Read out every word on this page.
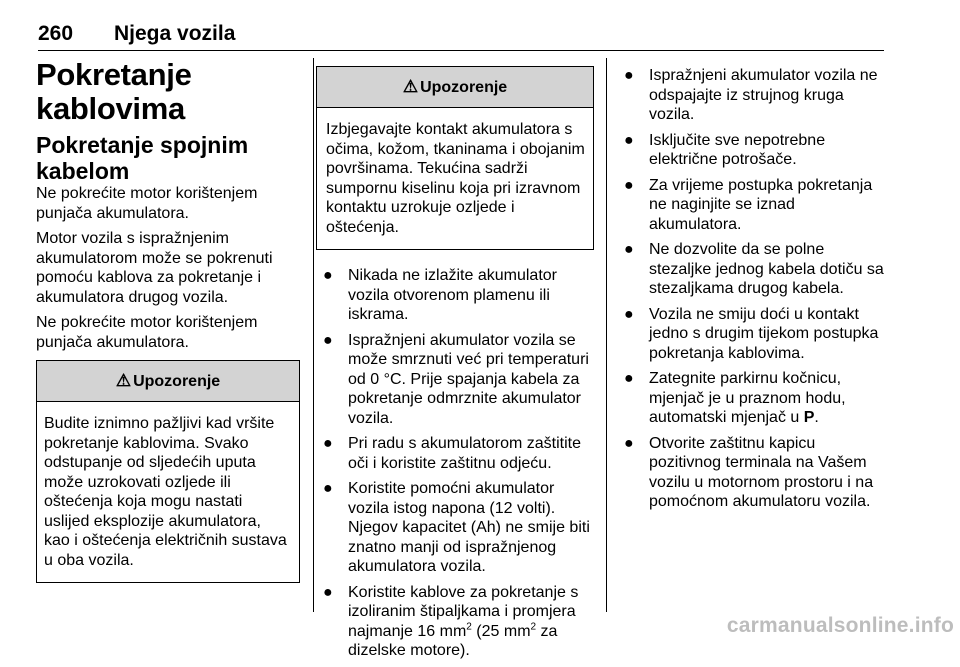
260 Njega vozila
Pokretanje kablovima
Pokretanje spojnim kabelom

Ne pokrećite motor korištenjem punjača akumulatora.

Motor vozila s ispražnjenim akumulatorom može se pokrenuti pomoću kablova za pokretanje i akumulatora drugog vozila.

Ne pokrećite motor korištenjem punjača akumulatora.

⚠ Upozorenje
Budite iznimno pažljivi kad vršite pokretanje kablovima. Svako odstupanje od sljedećih uputa može uzrokovati ozljede ili oštećenja koja mogu nastati uslijed eksplozije akumulatora, kao i oštećenja električnih sustava u oba vozila.
⚠ Upozorenje
Izbjegavajte kontakt akumulatora s očima, kožom, tkaninama i obojanim površinama. Tekućina sadrži sumpornu kiselinu koja pri izravnom kontaktu uzrokuje ozljede i oštećenja.
● Nikada ne izlažite akumulator vozila otvorenom plamenu ili iskrama.
● Ispražnjeni akumulator vozila se može smrznuti već pri temperaturi od 0 °C. Prije spajanja kabela za pokretanje odmrznite akumulator vozila.
● Pri radu s akumulatorom zaštitite oči i koristite zaštitnu odjeću.
● Koristite pomoćni akumulator vozila istog napona (12 volti). Njegov kapacitet (Ah) ne smije biti znatno manji od ispražnjenog akumulatora vozila.
● Koristite kablove za pokretanje s izoliranim štipaljkama i promjera najmanje 16 $mm^2$ (25 $mm^2$ za dizelske motore).
● Ispražnjeni akumulator vozila ne odspajajte iz strujnog kruga vozila.
● Isključite sve nepotrebne električne potrošače.
● Za vrijeme postupka pokretanja ne naginjite se iznad akumulatora.
● Ne dozvolite da se polne stezaljke jednog kabela dotiču sa stezaljkama drugog kabela.
● Vozila ne smiju doći u kontakt jedno s drugim tijekom postupka pokretanja kablovima.
● Zategnite parkirnu kočnicu, mjenjač je u praznom hodu, automatski mjenjač u P.
● Otvorite zaštitnu kapicu pozitivnog terminala na Vašem vozilu u motornom prostoru i na pomoćnom akumulatoru vozila.
carmanualsonline.info
